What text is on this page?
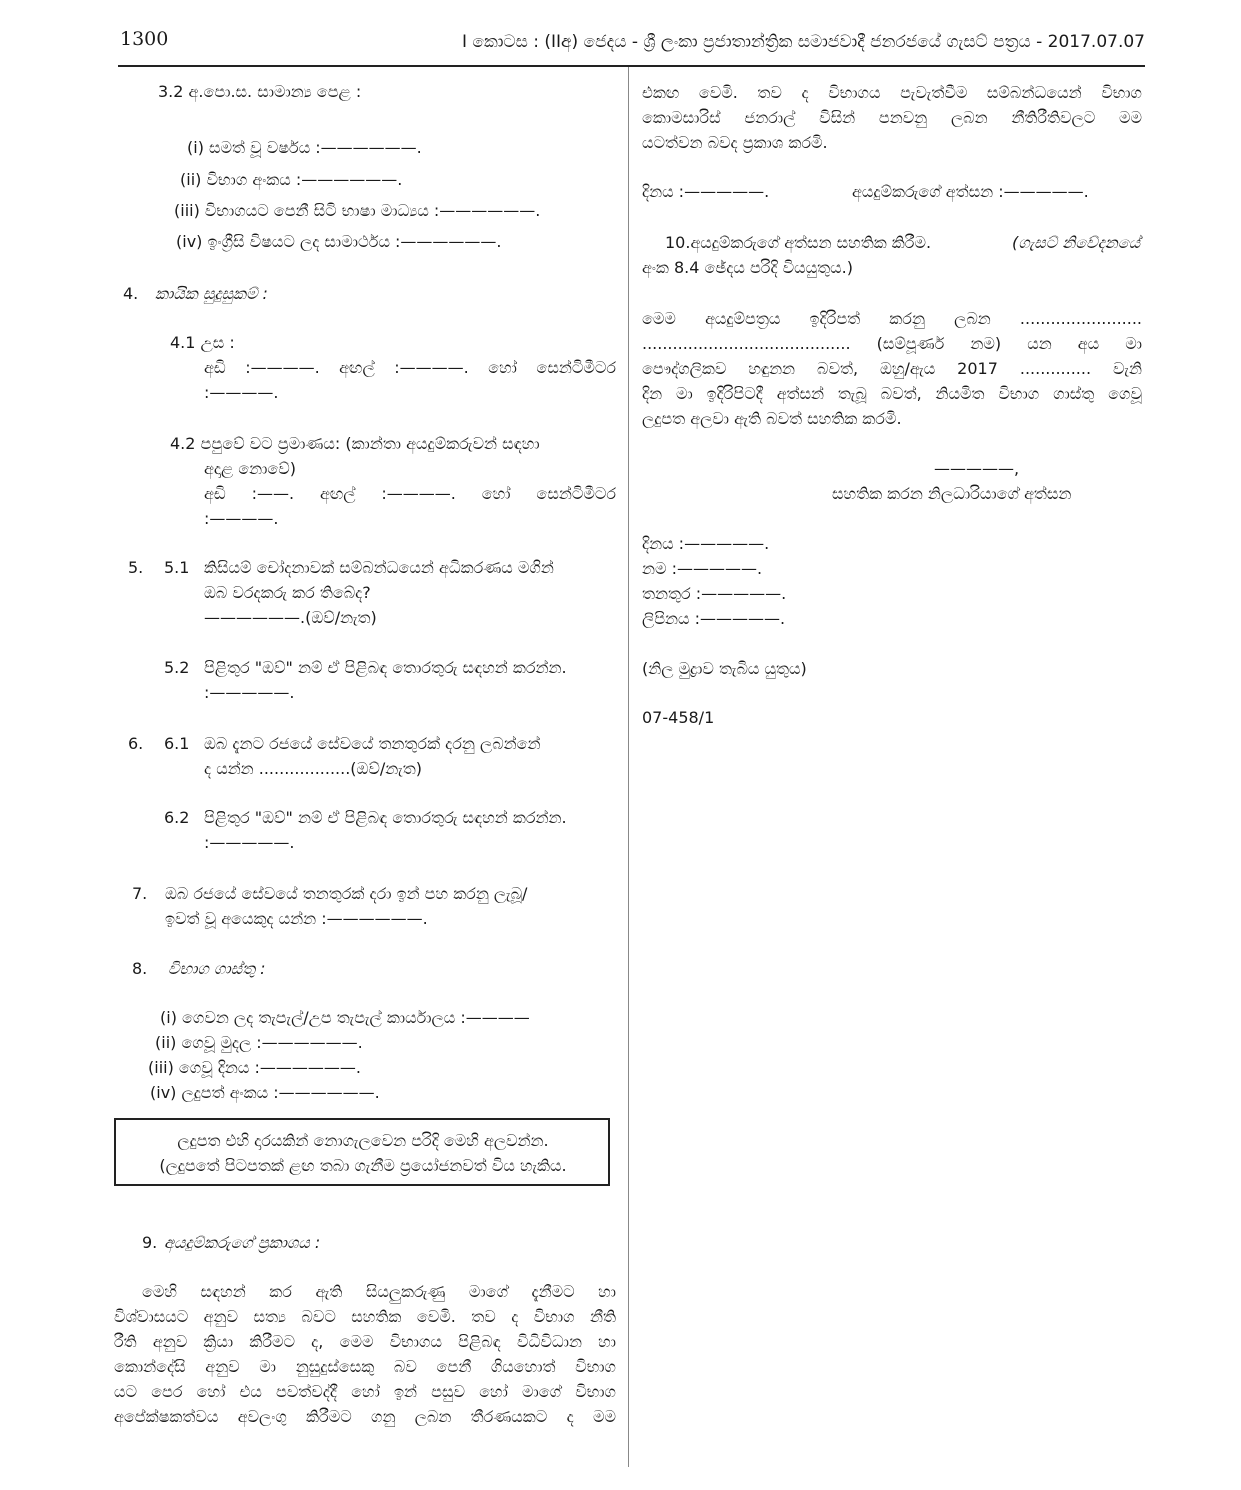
1300	I කොටස : (IIඅ) ජෙදය - ශ්‍රී ලංකා ප්‍රජාතාන්ත්‍රික සමාජවාදී ජනරජයේ ගැසට් පත්‍රය - 2017.07.07
3.2 අ.පො.ස. සාමාන්‍ය පෙළ :
(i) සමත් වූ වර්ෂය :——————.
(ii) විභාග අංකය :——————.
(iii) විභාගයට පෙනී සිටි භාෂා මාධ්‍යය :——————.
(iv) ඉංග්‍රීසි විෂයට ලද සාමාර්ථය :——————.
4. කායික සුදුසුකම් :
4.1 උස :
අඩි :————. අඟල් :————. හෝ සෙන්ටිමීටර
:————.
4.2 පපුවේ වට ප්‍රමාණය: (කාන්තා අයදුම්කරුවන් සඳහා
අදාළ නොවේ)
අඩි :——. අඟල් :————. හෝ සෙන්ටිමීටර
:————.
5. 5.1 කිසියම් චෝදනාවක් සම්බන්ධයෙන් අධිකරණය මගින්
ඔබ වරදකරු කර තිබේද?
——————.(ඔව්/නැත)
5.2 පිළිතුර "ඔව්" නම් ඒ පිළිබඳ තොරතුරු සඳහන් කරන්න.
:—————.
6. 6.1 ඔබ දැනට රජයේ සේවයේ තනතුරක් දරනු ලබන්නේ
ද යන්න ..................(ඔව්/නැත)
6.2 පිළිතුර "ඔව්" නම් ඒ පිළිබඳ තොරතුරු සඳහන් කරන්න.
:—————.
7. ඔබ රජයේ සේවයේ තනතුරක් දරා ඉන් පහ කරනු ලැබූ/
ඉවත් වූ අයෙකුද යන්න :——————.
8. විභාග ගාස්තු :
(i) ගෙවන ලද තැපැල්/උප තැපැල් කාර්යාලය :————
(ii) ගෙවූ මුදල :——————.
(iii) ගෙවූ දිනය :——————.
(iv) ලදුපත් අංකය :——————.
ලදුපත එහි දාරයකින් නොගැලවෙන පරිදි මෙහි අලවන්න.
(ලදුපතේ පිටපතක් ළඟ තබා ගැනීම ප්‍රයෝජනවත් විය හැකිය.
9. අයදුම්කරුගේ ප්‍රකාශය :
මෙහි සඳහන් කර ඇති සියලුකරුණු මාගේ දැනීමට හා
විශ්වාසයට අනුව සත්‍ය බවට සහතික වෙමි. තව ද විභාග නීති
රීති අනුව ක්‍රියා කිරීමට ද, මෙම විභාගය පිළිබඳ විධිවිධාන හා
කොන්දේසි අනුව මා නුසුදුස්සෙකු බව පෙනී ගියහොත් විභාග
යට පෙර හෝ එය පවත්වද්දී හෝ ඉන් පසුව හෝ මාගේ විභාග
අපේක්ෂකත්වය අවලංගු කිරීමට ගනු ලබන තීරණයකට ද මම
එකඟ වෙමි. තව ද විභාගය පැවැත්වීම සම්බන්ධයෙන් විභාග
කොමසාරිස් ජනරාල් විසින් පනවනු ලබන නීතිරීතිවලට මම
යටත්වන බවද ප්‍රකාශ කරමි.
දිනය :—————.	අයදුම්කරුගේ අත්සන :—————.
10.අයදුම්කරුගේ අත්සන සහතික කිරීම.	(ගැසට් නිවේදනයේ
අංක 8.4 ඡේදය පරිදි වියයුතුය.)
මෙම අයදුම්පත්‍රය ඉදිරිපත් කරනු ලබන ........................
......................................... (සම්පූර්ණ නම) යන අය මා
පෞද්ගලිකව හඳුනන බවත්, ඔහු/ඇය 2017 .............. වැනි
දින මා ඉදිරිපිටදී අත්සන් තැබූ බවත්, නියමිත විභාග ගාස්තු ගෙවූ
ලදුපත අලවා ඇති බවත් සහතික කරමි.
—————,
සහතික කරන නිලධාරියාගේ අත්සන
දිනය :—————.
නම :—————.
තනතුර :—————.
ලිපිනය :—————.
(නිල මුද්‍රාව තැබිය යුතුය)
07-458/1
